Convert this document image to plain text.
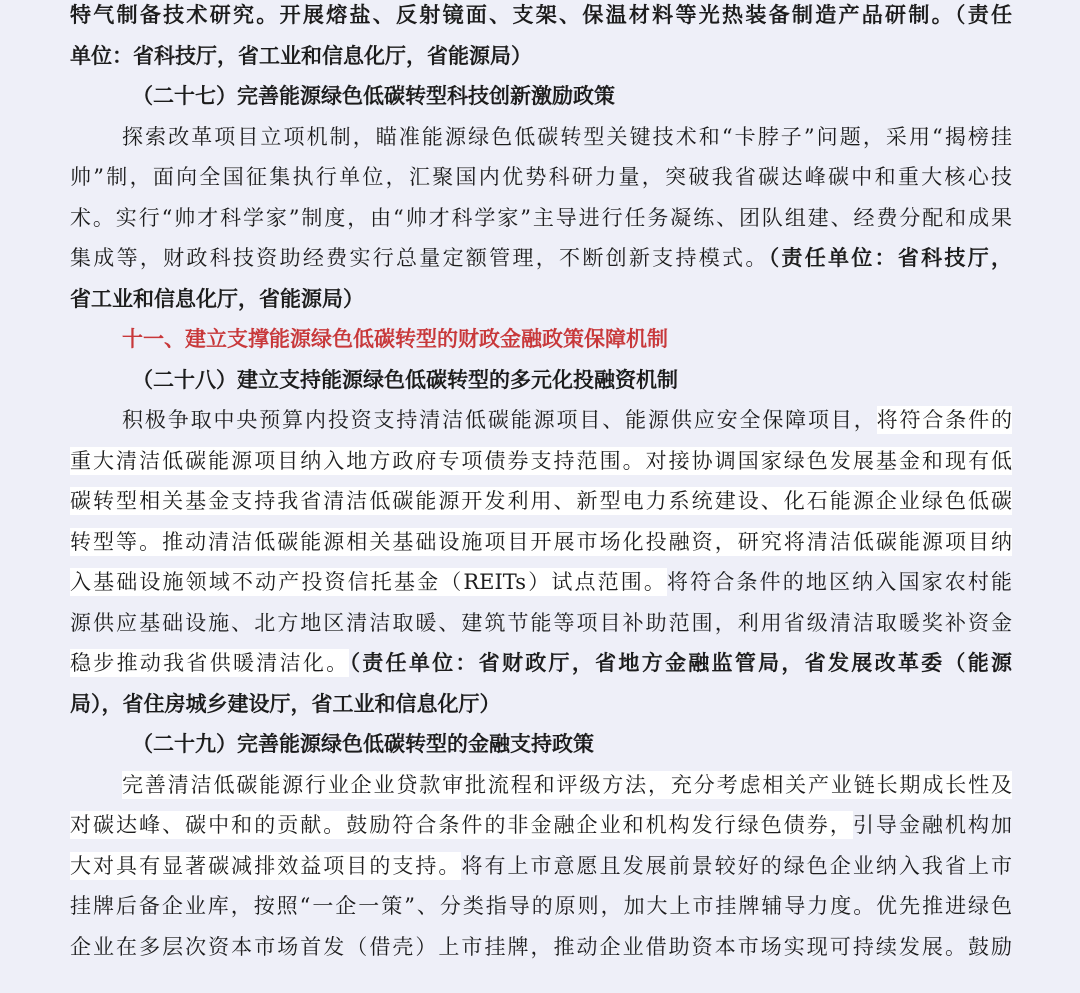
特气制备技术研究。开展熔盐、反射镜面、支架、保温材料等光热装备制造产品研制。（责任
单位：省科技厅，省工业和信息化厅，省能源局）
（二十七）完善能源绿色低碳转型科技创新激励政策
探索改革项目立项机制，瞄准能源绿色低碳转型关键技术和“卡脖子”问题，采用“揭榜挂
帅”制，面向全国征集执行单位，汇聚国内优势科研力量，突破我省碳达峰碳中和重大核心技
术。实行“帅才科学家”制度，由“帅才科学家”主导进行任务凝练、团队组建、经费分配和成果
集成等，财政科技资助经费实行总量定额管理，不断创新支持模式。（责任单位：省科技厅，
省工业和信息化厅，省能源局）
十一、建立支撑能源绿色低碳转型的财政金融政策保障机制
（二十八）建立支持能源绿色低碳转型的多元化投融资机制
积极争取中央预算内投资支持清洁低碳能源项目、能源供应安全保障项目，将符合条件的
重大清洁低碳能源项目纳入地方政府专项债券支持范围。对接协调国家绿色发展基金和现有低
碳转型相关基金支持我省清洁低碳能源开发利用、新型电力系统建设、化石能源企业绿色低碳
转型等。推动清洁低碳能源相关基础设施项目开展市场化投融资，研究将清洁低碳能源项目纳
入基础设施领域不动产投资信托基金（REITs）试点范围。将符合条件的地区纳入国家农村能
源供应基础设施、北方地区清洁取暖、建筑节能等项目补助范围，利用省级清洁取暖奖补资金
稳步推动我省供暖清洁化。（责任单位：省财政厅，省地方金融监管局，省发展改革委（能源
局），省住房城乡建设厅，省工业和信息化厅）
（二十九）完善能源绿色低碳转型的金融支持政策
完善清洁低碳能源行业企业贷款审批流程和评级方法，充分考虑相关产业链长期成长性及
对碳达峰、碳中和的贡献。鼓励符合条件的非金融企业和机构发行绿色债券，引导金融机构加
大对具有显著碳减排效益项目的支持。将有上市意愿且发展前景较好的绿色企业纳入我省上市
挂牌后备企业库，按照“一企一策”、分类指导的原则，加大上市挂牌辅导力度。优先推进绿色
企业在多层次资本市场首发（借壳）上市挂牌，推动企业借助资本市场实现可持续发展。鼓励
